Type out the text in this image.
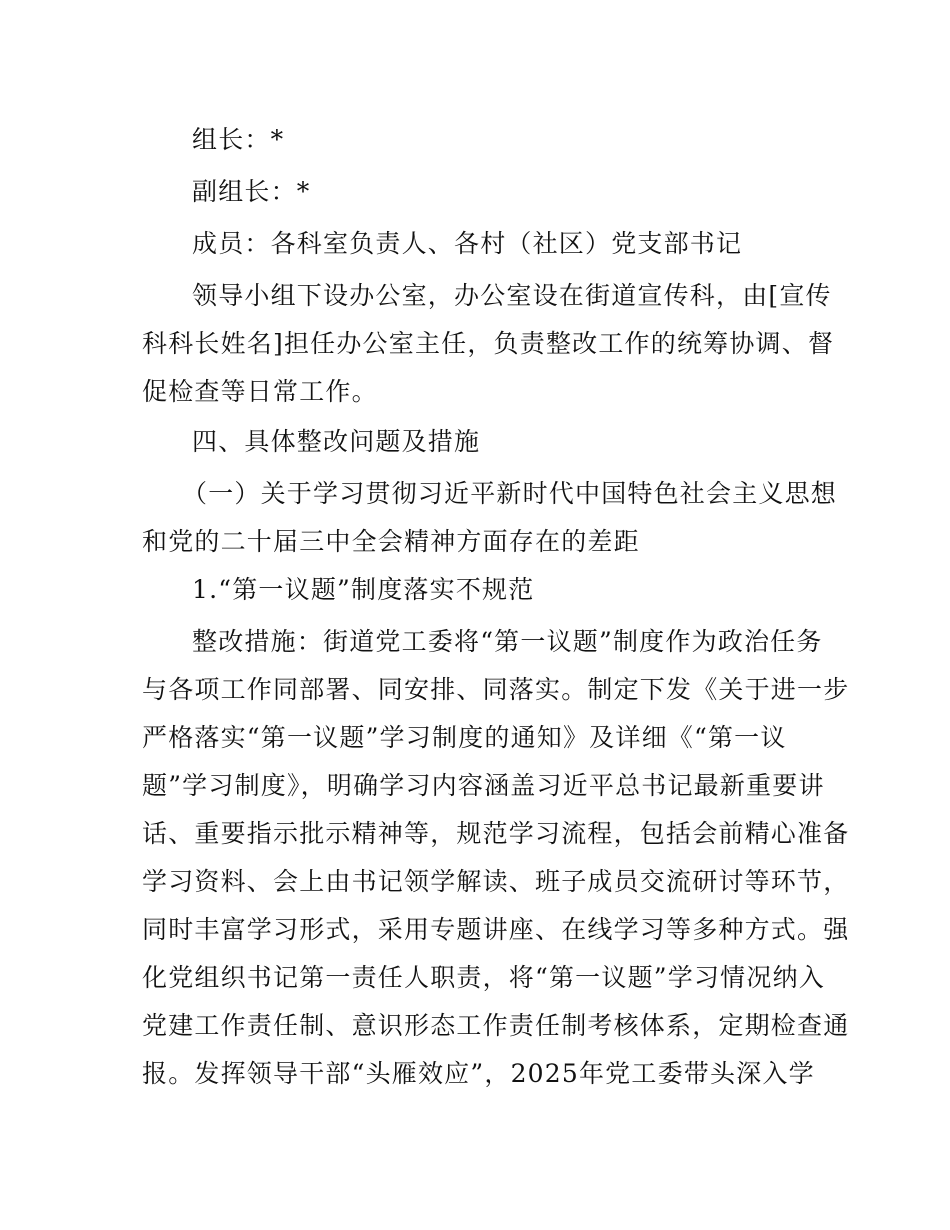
组长：*

副组长：*

成员：各科室负责人、各村（社区）党支部书记

领导小组下设办公室，办公室设在街道宣传科，由[宣传
科科长姓名]担任办公室主任，负责整改工作的统筹协调、督
促检查等日常工作。

四、具体整改问题及措施

（一）关于学习贯彻习近平新时代中国特色社会主义思想
和党的二十届三中全会精神方面存在的差距

1.“第一议题”制度落实不规范

整改措施：街道党工委将“第一议题”制度作为政治任务
与各项工作同部署、同安排、同落实。制定下发《关于进一步
严格落实“第一议题”学习制度的通知》及详细《“第一议
题”学习制度》，明确学习内容涵盖习近平总书记最新重要讲
话、重要指示批示精神等，规范学习流程，包括会前精心准备
学习资料、会上由书记领学解读、班子成员交流研讨等环节，
同时丰富学习形式，采用专题讲座、在线学习等多种方式。强
化党组织书记第一责任人职责，将“第一议题”学习情况纳入
党建工作责任制、意识形态工作责任制考核体系，定期检查通
报。发挥领导干部“头雁效应”，2025年党工委带头深入学
